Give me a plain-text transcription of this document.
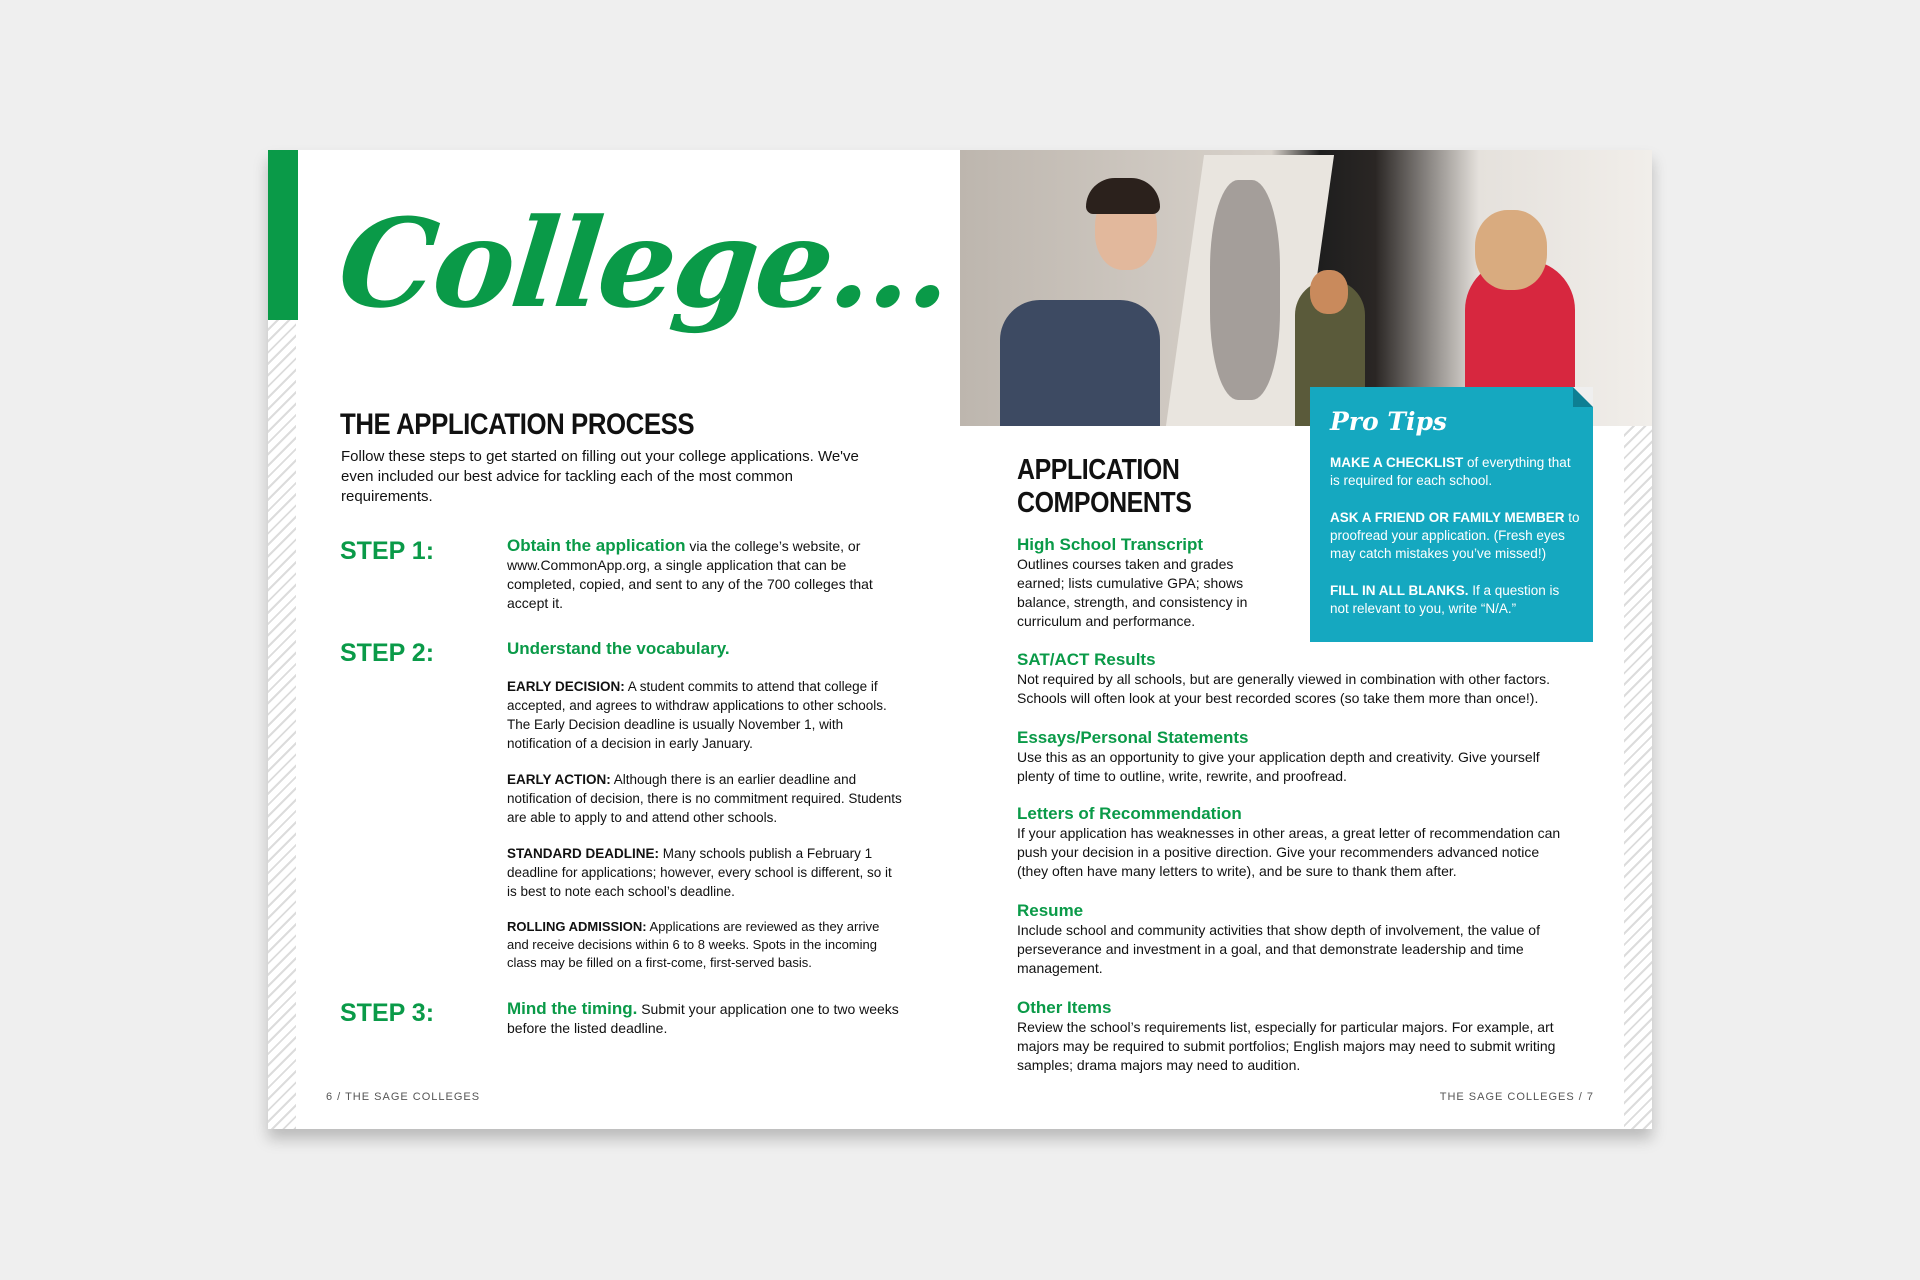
College...
THE APPLICATION PROCESS
Follow these steps to get started on filling out your college applications. We've even included our best advice for tackling each of the most common requirements.
STEP 1:	Obtain the application via the college’s website, or www.CommonApp.org, a single application that can be completed, copied, and sent to any of the 700 colleges that accept it.
STEP 2:	Understand the vocabulary.
EARLY DECISION: A student commits to attend that college if accepted, and agrees to withdraw applications to other schools. The Early Decision deadline is usually November 1, with notification of a decision in early January.
EARLY ACTION: Although there is an earlier deadline and notification of decision, there is no commitment required. Students are able to apply to and attend other schools.
STANDARD DEADLINE: Many schools publish a February 1 deadline for applications; however, every school is different, so it is best to note each school’s deadline.
ROLLING ADMISSION: Applications are reviewed as they arrive and receive decisions within 6 to 8 weeks. Spots in the incoming class may be filled on a first-come, first-served basis.
STEP 3:	Mind the timing. Submit your application one to two weeks before the listed deadline.
6 / THE SAGE COLLEGES
APPLICATION
COMPONENTS
High School Transcript

Outlines courses taken and grades earned; lists cumulative GPA; shows balance, strength, and consistency in curriculum and performance.

SAT/ACT Results

Not required by all schools, but are generally viewed in combination with other factors. Schools will often look at your best recorded scores (so take them more than once!).

Essays/Personal Statements

Use this as an opportunity to give your application depth and creativity. Give yourself plenty of time to outline, write, rewrite, and proofread.

Letters of Recommendation

If your application has weaknesses in other areas, a great letter of recommendation can push your decision in a positive direction. Give your recommenders advanced notice (they often have many letters to write), and be sure to thank them after.

Resume

Include school and community activities that show depth of involvement, the value of perseverance and investment in a goal, and that demonstrate leadership and time management.

Other Items

Review the school’s requirements list, especially for particular majors. For example, art majors may be required to submit portfolios; English majors may need to submit writing samples; drama majors may need to audition.

Pro Tips
MAKE A CHECKLIST of everything that is required for each school.
ASK A FRIEND OR FAMILY MEMBER to proofread your application. (Fresh eyes may catch mistakes you’ve missed!)
FILL IN ALL BLANKS. If a question is not relevant to you, write “N/A.”
THE SAGE COLLEGES / 7
